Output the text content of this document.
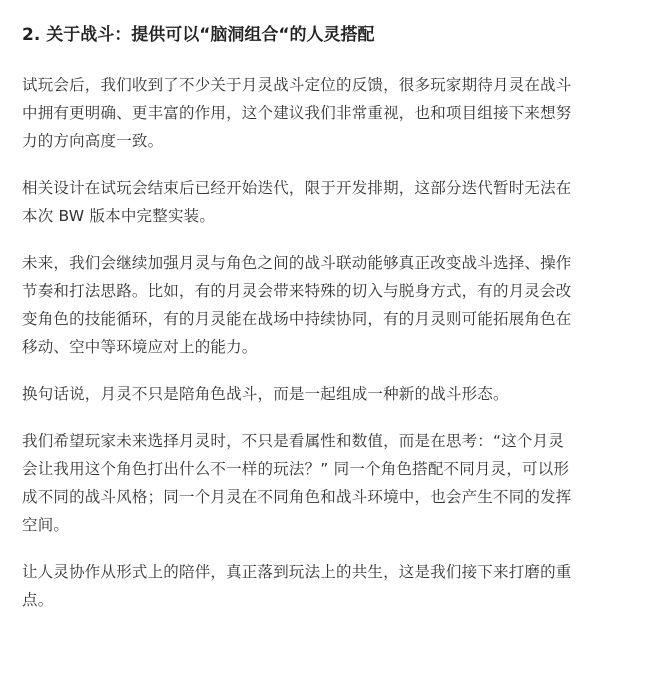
2. 关于战斗：提供可以“脑洞组合“的人灵搭配
试玩会后，我们收到了不少关于月灵战斗定位的反馈，很多玩家期待月灵在战斗
中拥有更明确、更丰富的作用，这个建议我们非常重视，也和项目组接下来想努
力的方向高度一致。
相关设计在试玩会结束后已经开始迭代，限于开发排期，这部分迭代暂时无法在
本次 BW 版本中完整实装。
未来，我们会继续加强月灵与角色之间的战斗联动能够真正改变战斗选择、操作
节奏和打法思路。比如，有的月灵会带来特殊的切入与脱身方式，有的月灵会改
变角色的技能循环，有的月灵能在战场中持续协同，有的月灵则可能拓展角色在
移动、空中等环境应对上的能力。
换句话说，月灵不只是陪角色战斗，而是一起组成一种新的战斗形态。
我们希望玩家未来选择月灵时，不只是看属性和数值，而是在思考：“这个月灵
会让我用这个角色打出什么不一样的玩法？” 同一个角色搭配不同月灵，可以形
成不同的战斗风格；同一个月灵在不同角色和战斗环境中，也会产生不同的发挥
空间。
让人灵协作从形式上的陪伴，真正落到玩法上的共生，这是我们接下来打磨的重
点。
